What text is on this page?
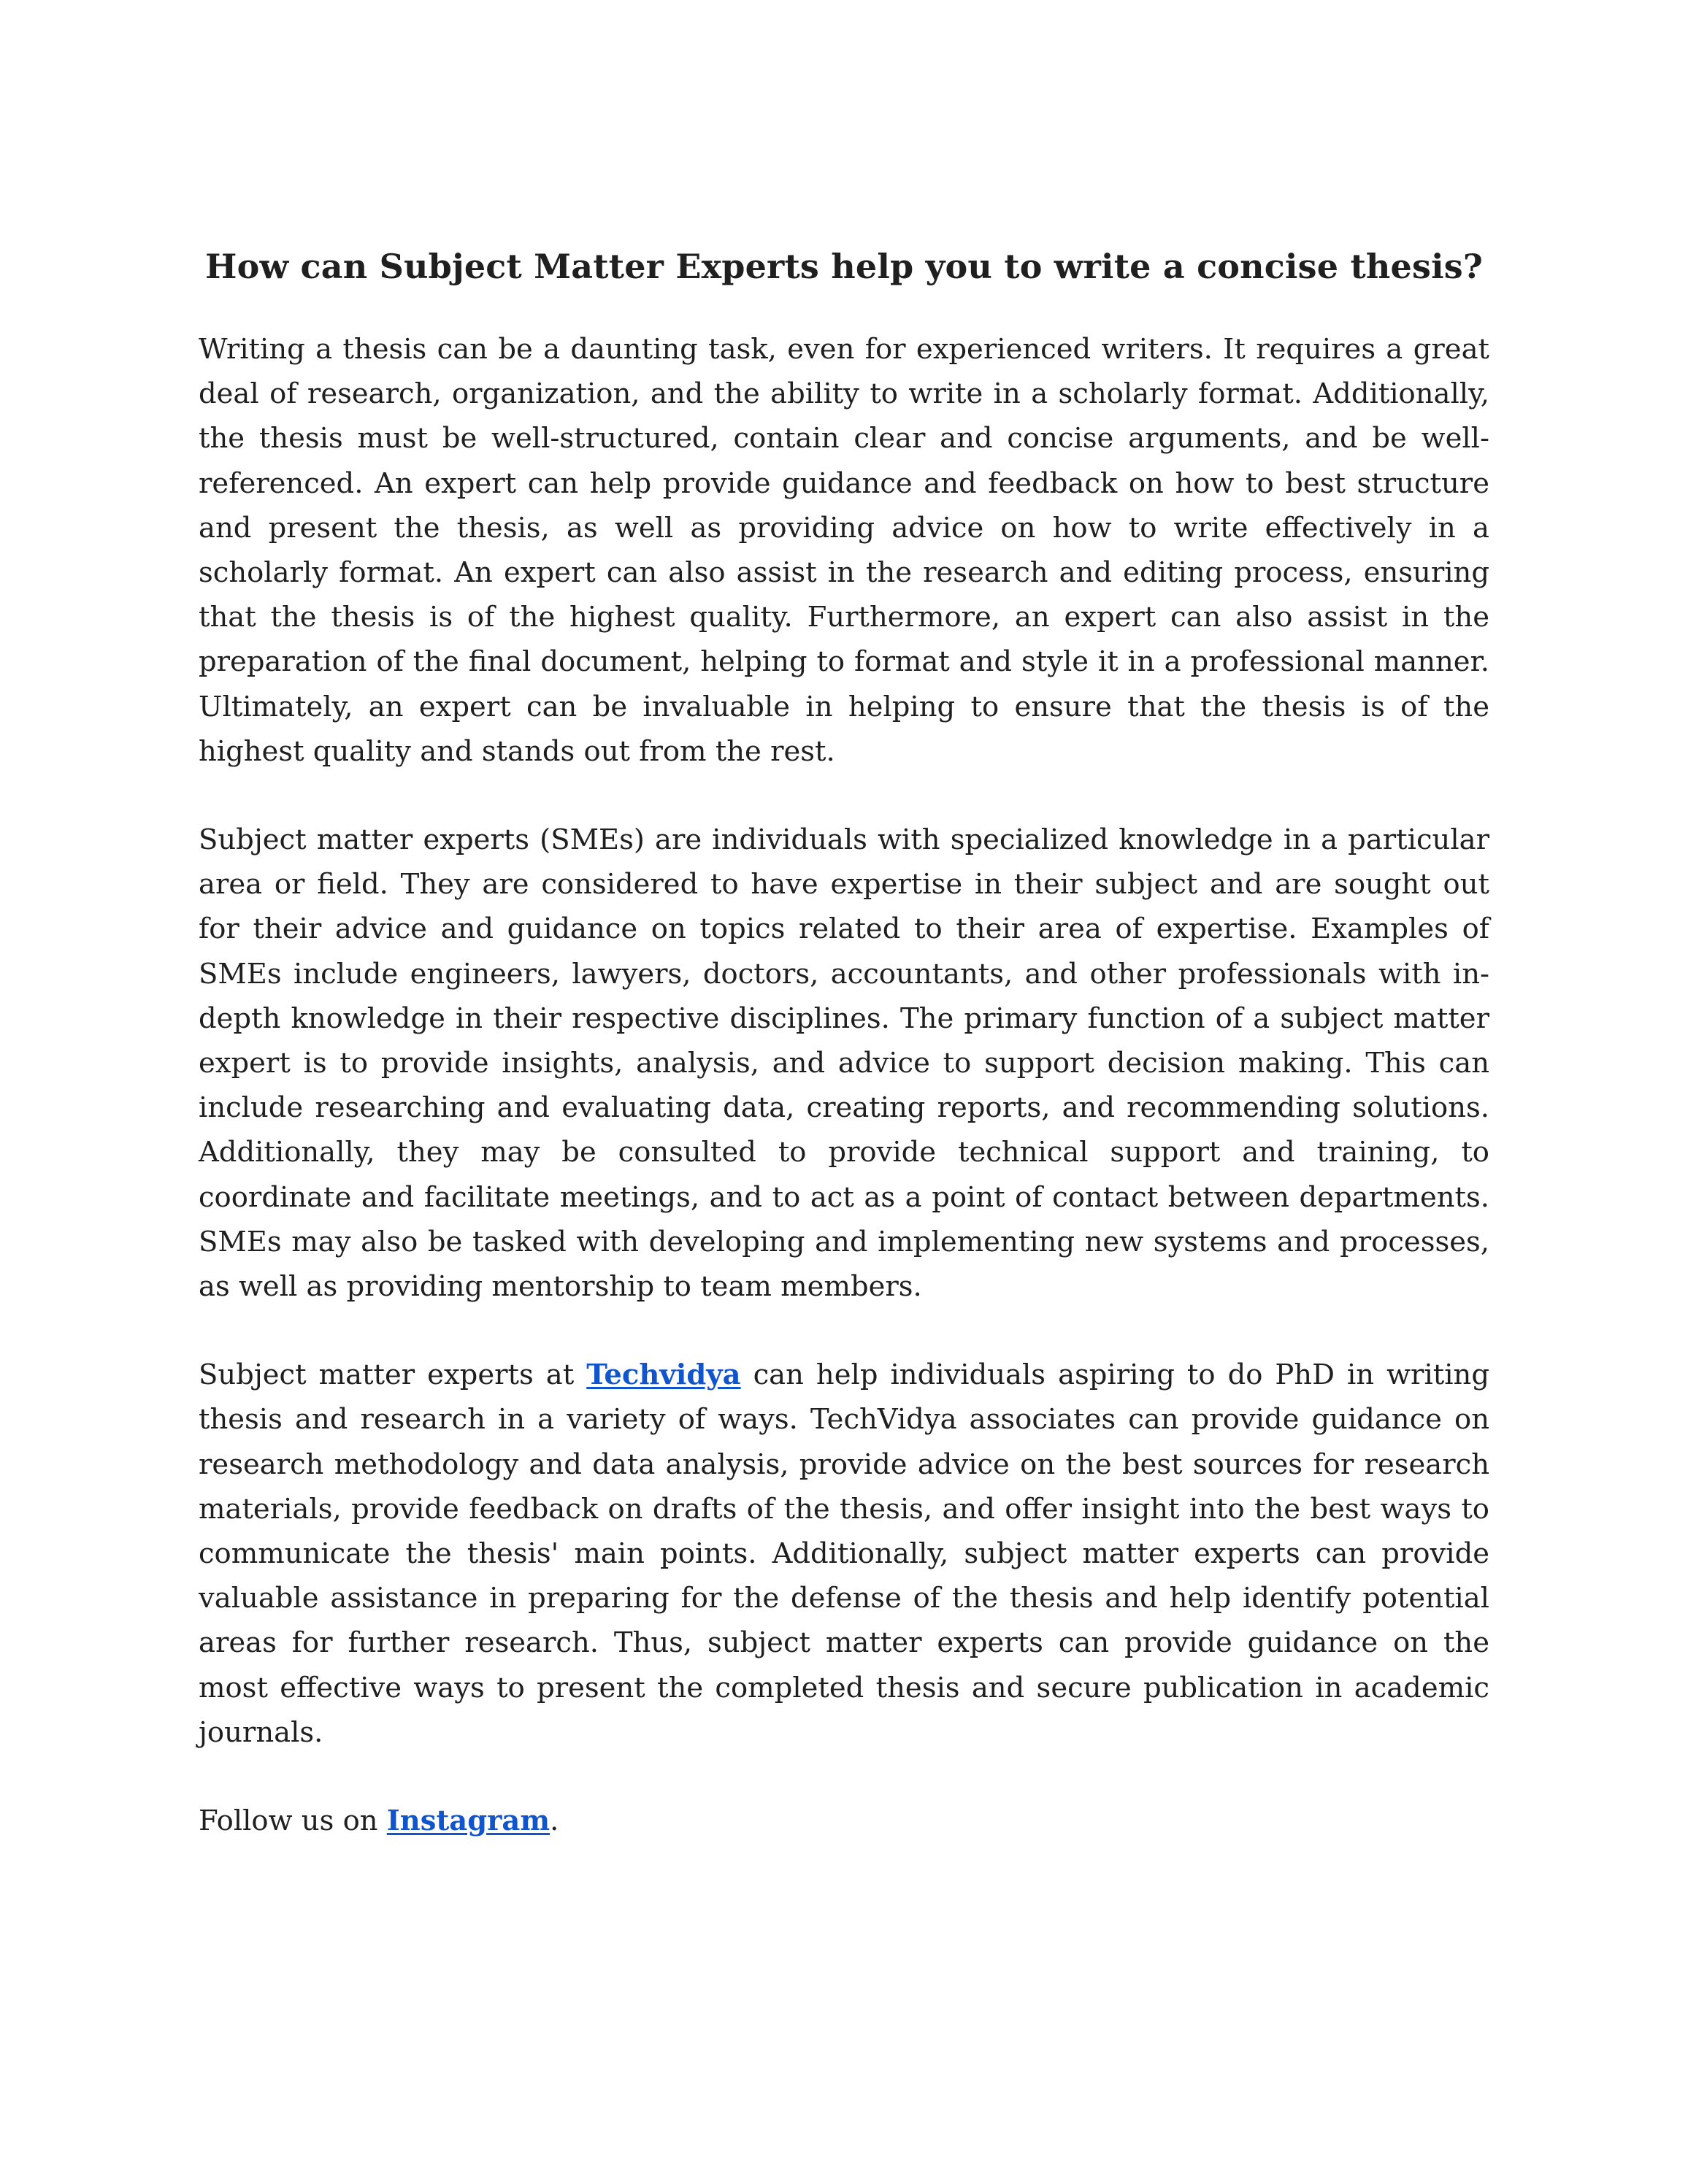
How can Subject Matter Experts help you to write a concise thesis?

Writing a thesis can be a daunting task, even for experienced writers. It requires a great deal of research, organization, and the ability to write in a scholarly format. Additionally, the thesis must be well-structured, contain clear and concise arguments, and be well-referenced. An expert can help provide guidance and feedback on how to best structure and present the thesis, as well as providing advice on how to write effectively in a scholarly format. An expert can also assist in the research and editing process, ensuring that the thesis is of the highest quality. Furthermore, an expert can also assist in the preparation of the final document, helping to format and style it in a professional manner. Ultimately, an expert can be invaluable in helping to ensure that the thesis is of the highest quality and stands out from the rest.

Subject matter experts (SMEs) are individuals with specialized knowledge in a particular area or field. They are considered to have expertise in their subject and are sought out for their advice and guidance on topics related to their area of expertise. Examples of SMEs include engineers, lawyers, doctors, accountants, and other professionals with in-depth knowledge in their respective disciplines. The primary function of a subject matter expert is to provide insights, analysis, and advice to support decision making. This can include researching and evaluating data, creating reports, and recommending solutions. Additionally, they may be consulted to provide technical support and training, to coordinate and facilitate meetings, and to act as a point of contact between departments. SMEs may also be tasked with developing and implementing new systems and processes, as well as providing mentorship to team members.

Subject matter experts at Techvidya can help individuals aspiring to do PhD in writing thesis and research in a variety of ways. TechVidya associates can provide guidance on research methodology and data analysis, provide advice on the best sources for research materials, provide feedback on drafts of the thesis, and offer insight into the best ways to communicate the thesis' main points. Additionally, subject matter experts can provide valuable assistance in preparing for the defense of the thesis and help identify potential areas for further research. Thus, subject matter experts can provide guidance on the most effective ways to present the completed thesis and secure publication in academic journals.

Follow us on Instagram.
